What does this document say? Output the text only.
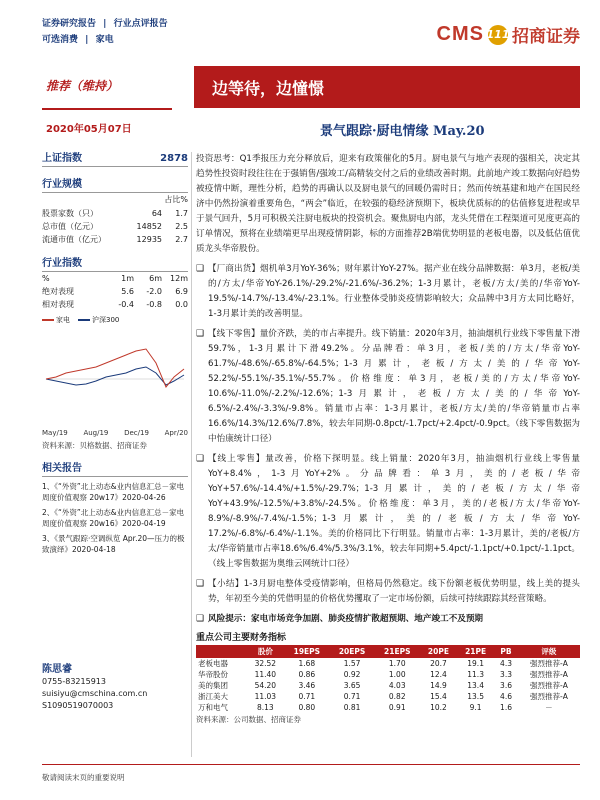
证券研究报告 | 行业点评报告
可选消费 | 家电	CMS 111 招商证券
推荐（维持）	边等待，边憧憬
2020年05月07日	景气跟踪·厨电情缘 May.20
上证指数	2878
行业规模
占比%
股票家数（只）	64	1.7
总市值（亿元）	14852	2.5
流通市值（亿元）	12935	2.7
行业指数
%	1m	6m	12m
绝对表现	5.6	-2.0	6.9
相对表现	-0.4	-0.8	0.0
家电	沪深300
May/19 Aug/19 Dec/19 Apr/20
资料来源：贝格数据、招商证券
相关报告
1、《“外资”北上动态&业内信息汇总－家电周度价值观察 20w17》2020-04-26
2、《“外资”北上动态&业内信息汇总－家电周度价值观察 20w16》2020-04-19
3、《景气跟踪·空调纵览 Apr.20—压力的极致演绎》2020-04-18
陈思睿
0755-83215913
suisiyu@cmschina.com.cn
S1090519070003
投资思考：Q1季报压力充分释放后，迎来有政策催化的5月。厨电景气与地产表现的强相关，决定其趋势性投资时段往往在于强销售/强竣工/高精装交付之后的业绩改善时期。此前地产竣工数据向好趋势被疫情中断，理性分析，趋势的再确认以及厨电景气的回暖仍需时日；然而传统基建和地产在国民经济中仍然扮演着重要角色，“两会”临近，在较强的稳经济预期下，板块优质标的的估值修复进程或早于景气回升，5月可积极关注厨电板块的投资机会。聚焦厨电内部，龙头凭借在工程渠道可见度更高的订单情况，预将在业绩端更早出现疫情阴影，标的方面推荐2B端优势明显的老板电器，以及低估值优质龙头华帝股份。
❑ 【厂商出货】烟机单3月YoY-36%；财年累计YoY-27%。据产业在线分品牌数据：单3月，老板/美的/方太/华帝YoY-26.1%/-29.2%/-21.6%/-36.2%；1-3月累计，老板/方太/美的/华帝YoY-19.5%/-14.7%/-13.4%/-23.1%。行业整体受肺炎疫情影响较大；众品牌中3月方太同比略好，1-3月累计美的改善明显。
❑ 【线下零售】量价齐跌，美的市占率提升。线下销量：2020年3月，抽油烟机行业线下零售量下滑59.7%，1-3月累计下滑49.2%。分品牌看：单3月，老板/美的/方太/华帝YoY-61.7%/-48.6%/-65.8%/-64.5%；1-3月累计，老板/方太/美的/华帝YoY-52.2%/-55.1%/-35.1%/-55.7%。价格维度：单3月，老板/美的/方太/华帝YoY-10.6%/-11.0%/-2.2%/-12.6%；1-3月累计，老板/方太/美的/华帝YoY-6.5%/-2.4%/-3.3%/-9.8%。销量市占率：1-3月累计，老板/方太/美的/华帝销量市占率16.6%/14.3%/12.6%/7.8%，较去年同期-0.8pct/-1.7pct/+2.4pct/-0.9pct。（线下零售数据为中怡康统计口径）
❑ 【线上零售】量改善，价格下探明显。线上销量：2020年3月，抽油烟机行业线上零售量YoY+8.4%，1-3月YoY+2%。分品牌看：单3月，美的/老板/华帝YoY+57.6%/-14.4%/+1.5%/-29.7%；1-3月累计，美的/老板/方太/华帝YoY+43.9%/-12.5%/+3.8%/-24.5%。价格维度：单3月，美的/老板/方太/华帝YoY-8.9%/-8.9%/-7.4%/-1.5%；1-3月累计，美的/老板/方太/华帝YoY-17.2%/-6.8%/-6.4%/-1.1%。美的价格同比下行明显。销量市占率：1-3月累计，美的/老板/方太/华帝销量市占率18.6%/6.4%/5.3%/3.1%，较去年同期+5.4pct/-1.1pct/+0.1pct/-1.1pct。（线上零售数据为奥维云网统计口径）
❑ 【小结】1-3月厨电整体受疫情影响，但格局仍然稳定。线下份额老板优势明显，线上美的提头势，年初至今美的凭借明显的价格优势攫取了一定市场份额，后续可持续跟踪其经营策略。
❑ 风险提示：家电市场竞争加剧、肺炎疫情扩散超预期、地产竣工不及预期
重点公司主要财务指标
	股价	19EPS	20EPS	21EPS	20PE	21PE	PB	评级
老板电器	32.52	1.68	1.57	1.70	20.7	19.1	4.3	强烈推荐-A
华帝股份	11.40	0.86	0.92	1.00	12.4	11.3	3.3	强烈推荐-A
美的集团	54.20	3.46	3.65	4.03	14.9	13.4	3.6	强烈推荐-A
浙江美大	11.03	0.71	0.71	0.82	15.4	13.5	4.6	强烈推荐-A
万和电气	8.13	0.80	0.81	0.91	10.2	9.1	1.6	－
资料来源：公司数据、招商证券
敬请阅读末页的重要说明
